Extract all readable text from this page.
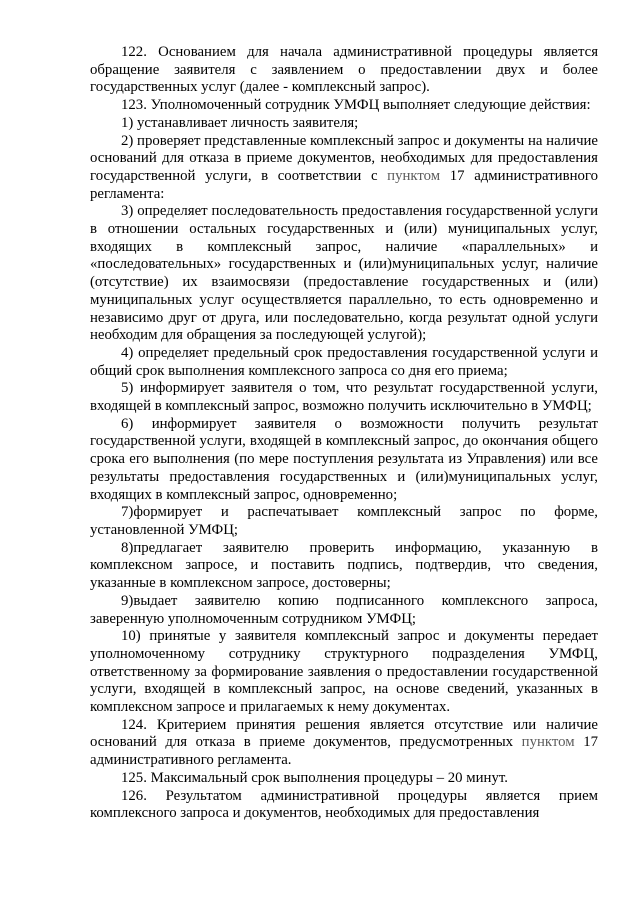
122. Основанием для начала административной процедуры является обращение заявителя с заявлением о предоставлении двух и более государственных услуг (далее - комплексный запрос).

123. Уполномоченный сотрудник УМФЦ выполняет следующие действия:

1) устанавливает личность заявителя;

2) проверяет представленные комплексный запрос и документы на наличие оснований для отказа в приеме документов, необходимых для предоставления государственной услуги, в соответствии с пунктом 17 административного регламента:

3) определяет последовательность предоставления государственной услуги в отношении остальных государственных и (или) муниципальных услуг, входящих в комплексный запрос, наличие «параллельных» и «последовательных» государственных и (или)муниципальных услуг, наличие (отсутствие) их взаимосвязи (предоставление государственных и (или) муниципальных услуг осуществляется параллельно, то есть одновременно и независимо друг от друга, или последовательно, когда результат одной услуги необходим для обращения за последующей услугой);

4) определяет предельный срок предоставления государственной услуги и общий срок выполнения комплексного запроса со дня его приема;

5) информирует заявителя о том, что результат государственной услуги, входящей в комплексный запрос, возможно получить исключительно в УМФЦ;

6) информирует заявителя о возможности получить результат государственной услуги, входящей в комплексный запрос, до окончания общего срока его выполнения (по мере поступления результата из Управления) или все результаты предоставления государственных и (или)муниципальных услуг, входящих в комплексный запрос, одновременно;

7)формирует и распечатывает комплексный запрос по форме, установленной УМФЦ;

8)предлагает заявителю проверить информацию, указанную в комплексном запросе, и поставить подпись, подтвердив, что сведения, указанные в комплексном запросе, достоверны;

9)выдает заявителю копию подписанного комплексного запроса, заверенную уполномоченным сотрудником УМФЦ;

10) принятые у заявителя комплексный запрос и документы передает уполномоченному сотруднику структурного подразделения УМФЦ, ответственному за формирование заявления о предоставлении государственной услуги, входящей в комплексный запрос, на основе сведений, указанных в комплексном запросе и прилагаемых к нему документах.

124. Критерием принятия решения является отсутствие или наличие оснований для отказа в приеме документов, предусмотренных пунктом 17 административного регламента.

125. Максимальный срок выполнения процедуры – 20 минут.

126. Результатом административной процедуры является прием комплексного запроса и документов, необходимых для предоставления
